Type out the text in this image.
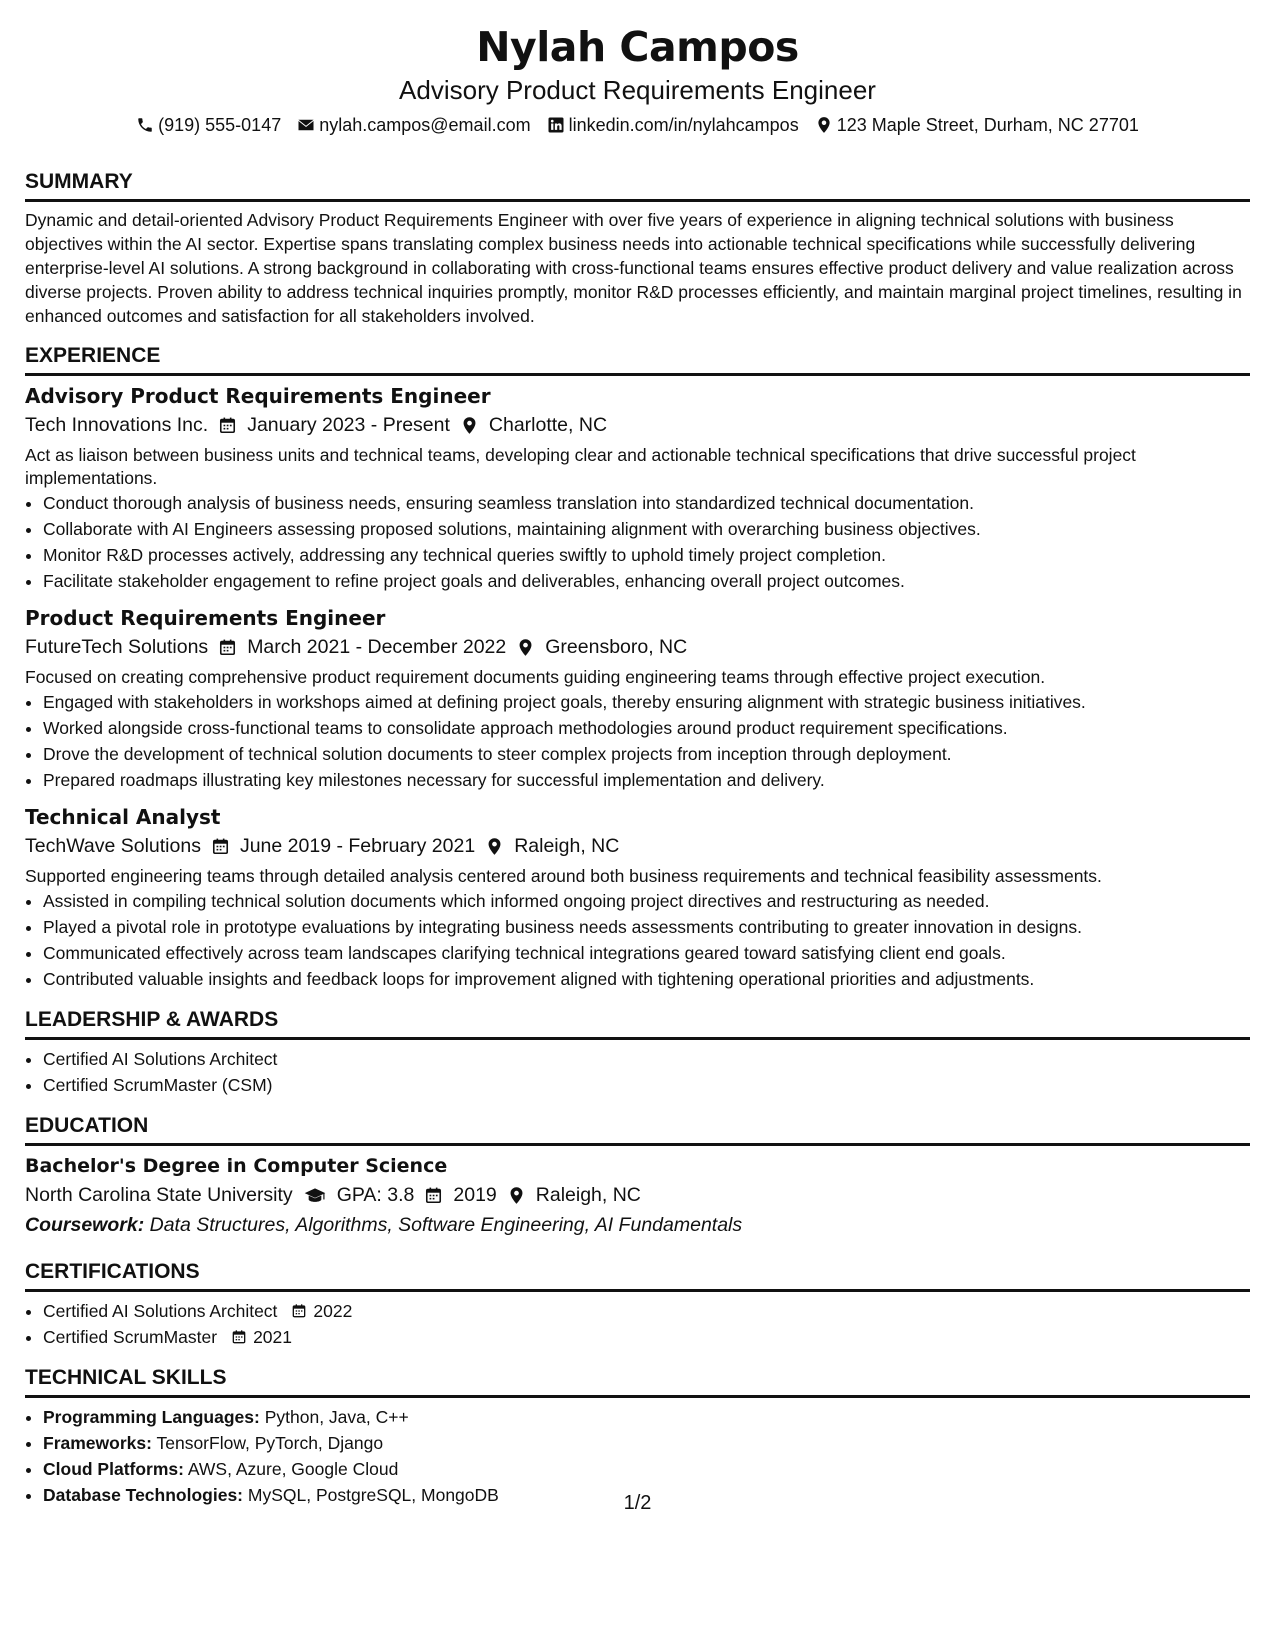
Nylah Campos

Advisory Product Requirements Engineer

(919) 555-0147 nylah.campos@email.com linkedin.com/in/nylahcampos 123 Maple Street, Durham, NC 27701
SUMMARY

Dynamic and detail-oriented Advisory Product Requirements Engineer with over five years of experience in aligning technical solutions with business objectives within the AI sector. Expertise spans translating complex business needs into actionable technical specifications while successfully delivering enterprise-level AI solutions. A strong background in collaborating with cross-functional teams ensures effective product delivery and value realization across diverse projects. Proven ability to address technical inquiries promptly, monitor R&D processes efficiently, and maintain marginal project timelines, resulting in enhanced outcomes and satisfaction for all stakeholders involved.

EXPERIENCE

Advisory Product Requirements Engineer

Tech Innovations Inc. January 2023 - Present Charlotte, NC

Act as liaison between business units and technical teams, developing clear and actionable technical specifications that drive successful project implementations.

• Conduct thorough analysis of business needs, ensuring seamless translation into standardized technical documentation.
• Collaborate with AI Engineers assessing proposed solutions, maintaining alignment with overarching business objectives.
• Monitor R&D processes actively, addressing any technical queries swiftly to uphold timely project completion.
• Facilitate stakeholder engagement to refine project goals and deliverables, enhancing overall project outcomes.

Product Requirements Engineer

FutureTech Solutions March 2021 - December 2022 Greensboro, NC

Focused on creating comprehensive product requirement documents guiding engineering teams through effective project execution.

• Engaged with stakeholders in workshops aimed at defining project goals, thereby ensuring alignment with strategic business initiatives.
• Worked alongside cross-functional teams to consolidate approach methodologies around product requirement specifications.
• Drove the development of technical solution documents to steer complex projects from inception through deployment.
• Prepared roadmaps illustrating key milestones necessary for successful implementation and delivery.

Technical Analyst

TechWave Solutions June 2019 - February 2021 Raleigh, NC

Supported engineering teams through detailed analysis centered around both business requirements and technical feasibility assessments.

• Assisted in compiling technical solution documents which informed ongoing project directives and restructuring as needed.
• Played a pivotal role in prototype evaluations by integrating business needs assessments contributing to greater innovation in designs.
• Communicated effectively across team landscapes clarifying technical integrations geared toward satisfying client end goals.
• Contributed valuable insights and feedback loops for improvement aligned with tightening operational priorities and adjustments.
LEADERSHIP & AWARDS
• Certified AI Solutions Architect
• Certified ScrumMaster (CSM)
EDUCATION

Bachelor's Degree in Computer Science

North Carolina State University GPA: 3.8 2019 Raleigh, NC
Coursework: Data Structures, Algorithms, Software Engineering, AI Fundamentals
CERTIFICATIONS
• Certified AI Solutions Architect 2022
• Certified ScrumMaster 2021
TECHNICAL SKILLS
• Programming Languages: Python, Java, C++
• Frameworks: TensorFlow, PyTorch, Django
• Cloud Platforms: AWS, Azure, Google Cloud
• Database Technologies: MySQL, PostgreSQL, MongoDB	1/2
